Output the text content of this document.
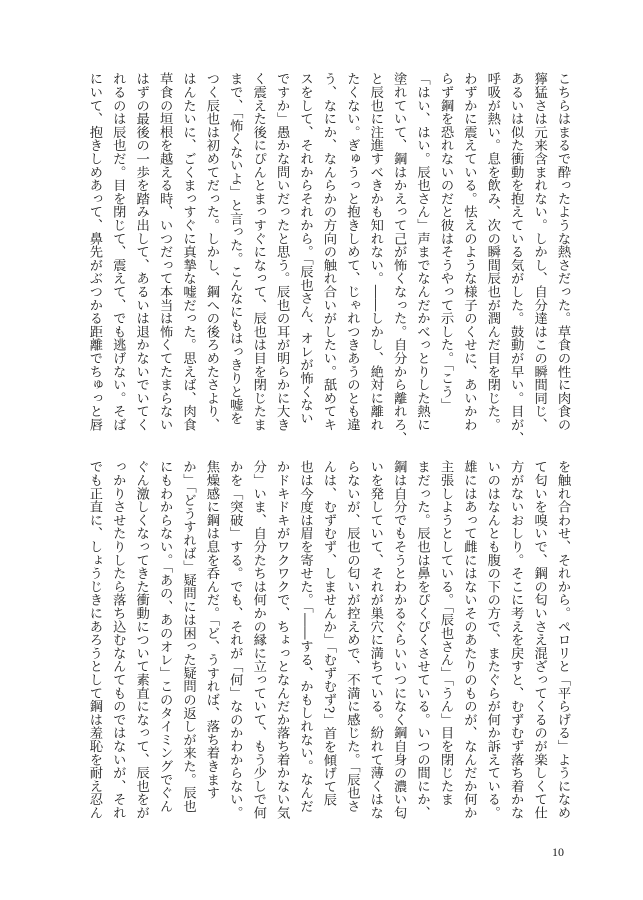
こちらはまるで酔ったような熱さだった。草食の性に肉食の
獰猛さは元来含まれない。しかし、自分達はこの瞬間同じ、
あるいは似た衝動を抱えている気がした。鼓動が早い。目が、
呼吸が熱い。息を飲み、次の瞬間辰也が潤んだ目を閉じた。
わずかに震えている。怯えのような様子のくせに、あいかわ
らず鋼を恐れないのだと彼はそうやって示した。「こう」
「はい、はい。辰也さん」声までなんだかべっとりした熱に
塗れていて、鋼はかえって己が怖くなった。自分から離れろ、
と辰也に注進すべきかも知れない。――しかし、絶対に離れ
たくない。ぎゅうっと抱きしめて、じゃれつきあうのとも違
う、なにか、なんらかの方向の触れ合いがしたい。舐めてキ
スをして、それからそれから。「辰也さん、オレが怖くない
ですか」愚かな問いだったと思う。辰也の耳が明らかに大き
く震えた後にぴんとまっすぐになって、辰也は目を閉じたま
まで、「怖くないよ」と言った。こんなにもはっきりと嘘を
つく辰也は初めてだった。しかし、鋼への後ろめたさより、
はんたいに、ごくまっすぐに真摯な嘘だった。思えば、肉食
草食の垣根を越える時、いつだって本当は怖くてたまらない
はずの最後の一歩を踏み出して、あるいは退かないでいてく
れるのは辰也だ。目を閉じて、震えて、でも逃げない。そば
にいて、抱きしめあって、鼻先がぶつかる距離でちゅっと唇
を触れ合わせ、それから。ペロリと「平らげる」ようになめ
て匂いを嗅いで、鋼の匂いさえ混ざってくるのが楽しくて仕
方がないおしり。そこに考えを戻すと、むずむず落ち着かな
いのはなんとも腹の下の方で、またぐらが何か訴えている。
雄にはあって雌にはないそのあたりのものが、なんだか何か
主張しようとしている。「辰也さん」「うん」目を閉じたま
まだった。辰也は鼻をぴくぴくさせている。いつの間にか、
鋼は自分でもそうとわかるぐらいいつになく鋼自身の濃い匂
いを発していて、それが巣穴に満ちている。紛れて薄くはな
らないが、辰也の匂いが控えめで、不満に感じた。「辰也さ
んは、むずむず、しませんか」「むずむず?」首を傾げて辰
也は今度は眉を寄せた。「――する、かもしれない。なんだ
かドキドキがワクワクで、ちょっとなんだか落ち着かない気
分」いま、自分たちは何かの縁に立っていて、もう少しで何
かを「突破」する。でも、それが「何」なのかわからない。
焦燥感に鋼は息を呑んだ。「ど、うすれば、落ち着きます
か」「どうすれば」疑問には困った疑問の返しが来た。辰也
にもわからない。「あの、あのオレ」このタイミングでぐん
ぐん激しくなってきた衝動について素直になって、辰也をが
っかりさせたりしたら落ち込むなんてものではないが、それ
でも正直に、しょうじきにあろうとして鋼は羞恥を耐え忍ん
10
